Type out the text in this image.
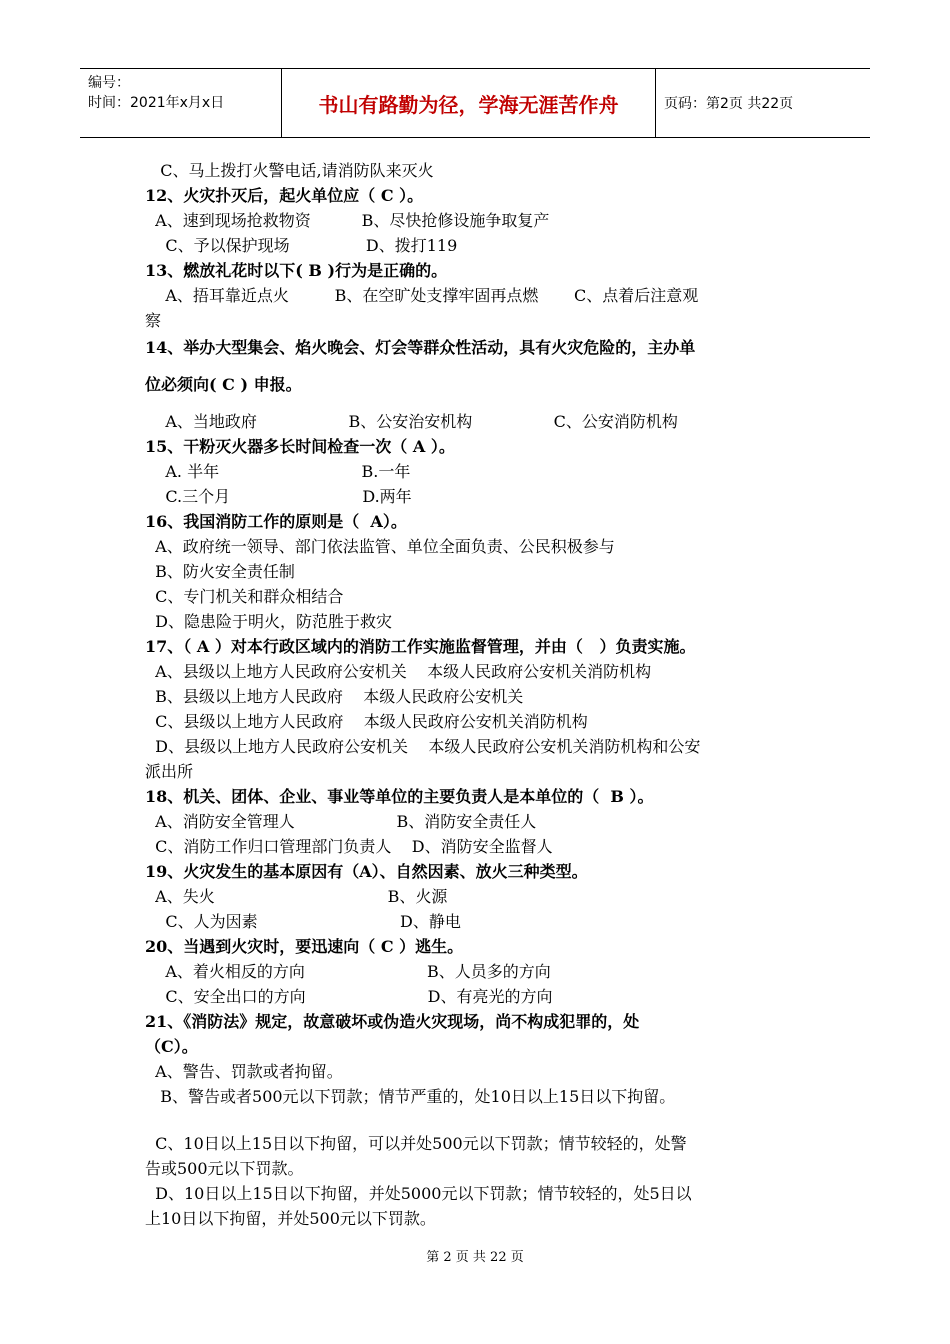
编号：
时间：2021年x月x日	书山有路勤为径，学海无涯苦作舟	页码：第2页 共22页
C、马上拨打火警电话,请消防队来灭火
12、火灾扑灭后，起火单位应（ C ）。
A、速到现场抢救物资          B、尽快抢修设施争取复产
C、予以保护现场               D、拨打119
13、燃放礼花时以下( B )行为是正确的。
A、捂耳靠近点火         B、在空旷处支撑牢固再点燃       C、点着后注意观
察
14、举办大型集会、焰火晚会、灯会等群众性活动，具有火灾危险的，主办单
位必须向( C ) 申报。
A、当地政府                  B、公安治安机构                C、公安消防机构
15、干粉灭火器多长时间检查一次（ A ）。
A. 半年                            B.一年
C.三个月                          D.两年
16、我国消防工作的原则是（  A）。
A、政府统一领导、部门依法监管、单位全面负责、公民积极参与
B、防火安全责任制
C、专门机关和群众相结合
D、隐患险于明火，防范胜于救灾
17、（ A ）对本行政区域内的消防工作实施监督管理，并由（   ）负责实施。
A、县级以上地方人民政府公安机关    本级人民政府公安机关消防机构
B、县级以上地方人民政府    本级人民政府公安机关
C、县级以上地方人民政府    本级人民政府公安机关消防机构
D、县级以上地方人民政府公安机关    本级人民政府公安机关消防机构和公安
派出所
18、机关、团体、企业、事业等单位的主要负责人是本单位的（  B ）。
A、消防安全管理人                    B、消防安全责任人
C、消防工作归口管理部门负责人    D、消防安全监督人
19、火灾发生的基本原因有（A）、自然因素、放火三种类型。
A、失火                                  B、火源
C、人为因素                            D、静电
20、当遇到火灾时，要迅速向（ C ）逃生。
A、着火相反的方向                        B、人员多的方向
C、安全出口的方向                        D、有亮光的方向
21、《消防法》规定，故意破坏或伪造火灾现场，尚不构成犯罪的，处
（C）。
A、警告、罚款或者拘留。
B、警告或者500元以下罚款；情节严重的，处10日以上15日以下拘留。
C、10日以上15日以下拘留，可以并处500元以下罚款；情节较轻的，处警
告或500元以下罚款。
D、10日以上15日以下拘留，并处5000元以下罚款；情节较轻的，处5日以
上10日以下拘留，并处500元以下罚款。
第 2 页 共 22 页
